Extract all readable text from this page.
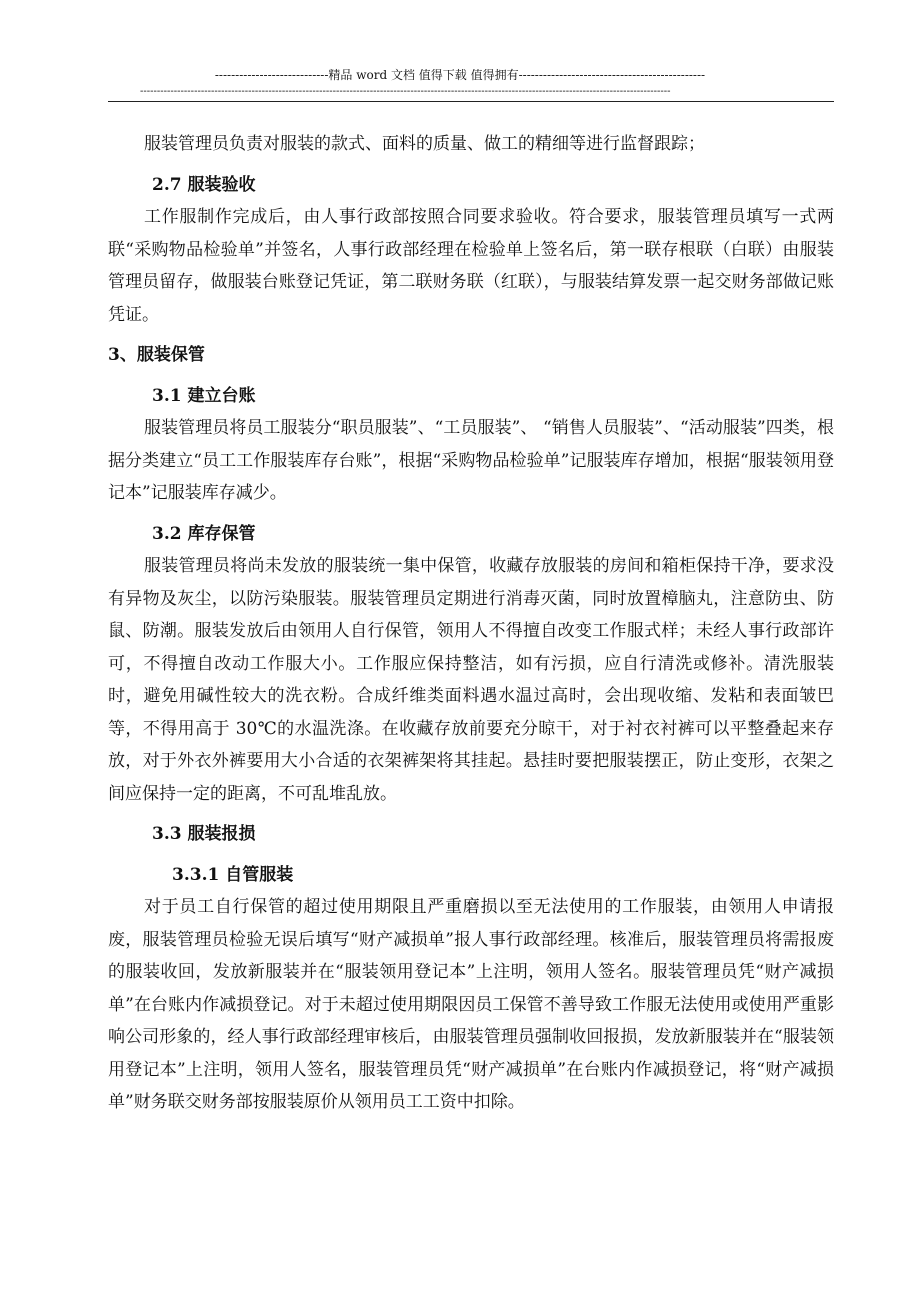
----------------------------精品 word 文档 值得下载 值得拥有----------------------------------------------
-------------------------------------------------------------------------------------------------------------------------------------------------------------

服装管理员负责对服装的款式、面料的质量、做工的精细等进行监督跟踪；

2.7 服装验收

工作服制作完成后，由人事行政部按照合同要求验收。符合要求，服装管理员填写一式两联“采购物品检验单”并签名，人事行政部经理在检验单上签名后，第一联存根联（白联）由服装管理员留存，做服装台账登记凭证，第二联财务联（红联），与服装结算发票一起交财务部做记账凭证。

3、服装保管
3.1 建立台账

服装管理员将员工服装分“职员服装”、“工员服装”、 “销售人员服装”、“活动服装”四类，根据分类建立“员工工作服装库存台账”，根据“采购物品检验单”记服装库存增加，根据“服装领用登记本”记服装库存减少。

3.2 库存保管

服装管理员将尚未发放的服装统一集中保管，收藏存放服装的房间和箱柜保持干净，要求没有异物及灰尘，以防污染服装。服装管理员定期进行消毒灭菌，同时放置樟脑丸，注意防虫、防鼠、防潮。服装发放后由领用人自行保管，领用人不得擅自改变工作服式样；未经人事行政部许可，不得擅自改动工作服大小。工作服应保持整洁，如有污损，应自行清洗或修补。清洗服装时，避免用碱性较大的洗衣粉。合成纤维类面料遇水温过高时，会出现收缩、发粘和表面皱巴等，不得用高于 30℃的水温洗涤。在收藏存放前要充分晾干，对于衬衣衬裤可以平整叠起来存放，对于外衣外裤要用大小合适的衣架裤架将其挂起。悬挂时要把服装摆正，防止变形，衣架之间应保持一定的距离，不可乱堆乱放。

3.3 服装报损
3.3.1 自管服装

对于员工自行保管的超过使用期限且严重磨损以至无法使用的工作服装，由领用人申请报废，服装管理员检验无误后填写“财产减损单”报人事行政部经理。核准后，服装管理员将需报废的服装收回，发放新服装并在“服装领用登记本”上注明，领用人签名。服装管理员凭“财产减损单”在台账内作减损登记。对于未超过使用期限因员工保管不善导致工作服无法使用或使用严重影响公司形象的，经人事行政部经理审核后，由服装管理员强制收回报损，发放新服装并在“服装领用登记本”上注明，领用人签名，服装管理员凭“财产减损单”在台账内作减损登记，将“财产减损单”财务联交财务部按服装原价从领用员工工资中扣除。
